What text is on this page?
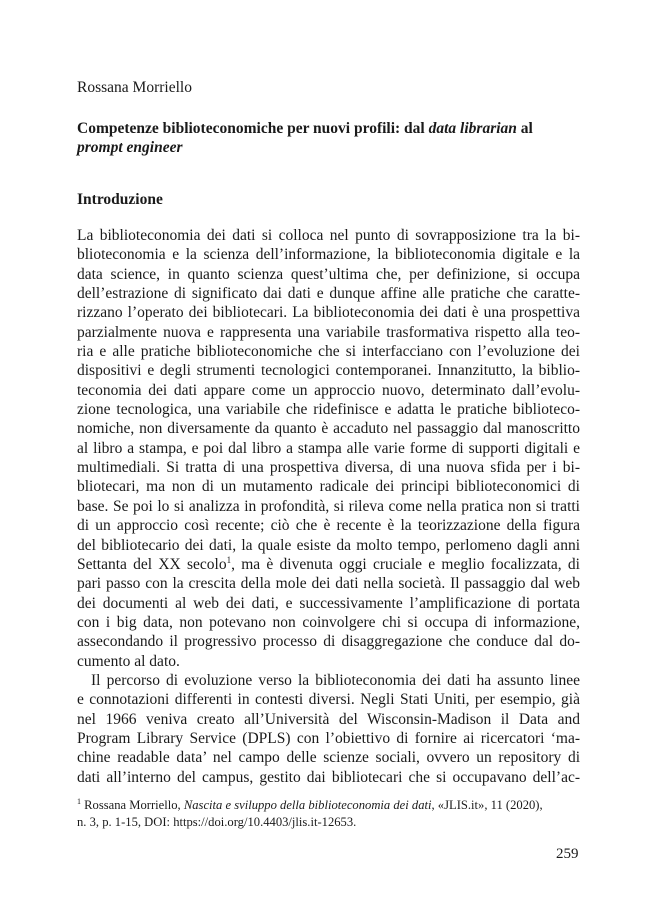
Rossana Morriello
Competenze biblioteconomiche per nuovi profili: dal data librarian al
prompt engineer
Introduzione
La biblioteconomia dei dati si colloca nel punto di sovrapposizione tra la bi-
blioteconomia e la scienza dell’informazione, la biblioteconomia digitale e la
data science, in quanto scienza quest’ultima che, per definizione, si occupa
dell’estrazione di significato dai dati e dunque affine alle pratiche che caratte-
rizzano l’operato dei bibliotecari. La biblioteconomia dei dati è una prospettiva
parzialmente nuova e rappresenta una variabile trasformativa rispetto alla teo-
ria e alle pratiche biblioteconomiche che si interfacciano con l’evoluzione dei
dispositivi e degli strumenti tecnologici contemporanei. Innanzitutto, la biblio-
teconomia dei dati appare come un approccio nuovo, determinato dall’evolu-
zione tecnologica, una variabile che ridefinisce e adatta le pratiche biblioteco-
nomiche, non diversamente da quanto è accaduto nel passaggio dal manoscritto
al libro a stampa, e poi dal libro a stampa alle varie forme di supporti digitali e
multimediali. Si tratta di una prospettiva diversa, di una nuova sfida per i bi-
bliotecari, ma non di un mutamento radicale dei principi biblioteconomici di
base. Se poi lo si analizza in profondità, si rileva come nella pratica non si tratti
di un approccio così recente; ciò che è recente è la teorizzazione della figura
del bibliotecario dei dati, la quale esiste da molto tempo, perlomeno dagli anni
Settanta del XX secolo$^1$, ma è divenuta oggi cruciale e meglio focalizzata, di
pari passo con la crescita della mole dei dati nella società. Il passaggio dal web
dei documenti al web dei dati, e successivamente l’amplificazione di portata
con i big data, non potevano non coinvolgere chi si occupa di informazione,
assecondando il progressivo processo di disaggregazione che conduce dal do-
cumento al dato.
Il percorso di evoluzione verso la biblioteconomia dei dati ha assunto linee
e connotazioni differenti in contesti diversi. Negli Stati Uniti, per esempio, già
nel 1966 veniva creato all’Università del Wisconsin-Madison il Data and
Program Library Service (DPLS) con l’obiettivo di fornire ai ricercatori ‘ma-
chine readable data’ nel campo delle scienze sociali, ovvero un repository di
dati all’interno del campus, gestito dai bibliotecari che si occupavano dell’ac-
$^1$ Rossana Morriello, Nascita e sviluppo della biblioteconomia dei dati, «JLIS.it», 11 (2020),
n. 3, p. 1-15, DOI: https://doi.org/10.4403/jlis.it-12653.
259
